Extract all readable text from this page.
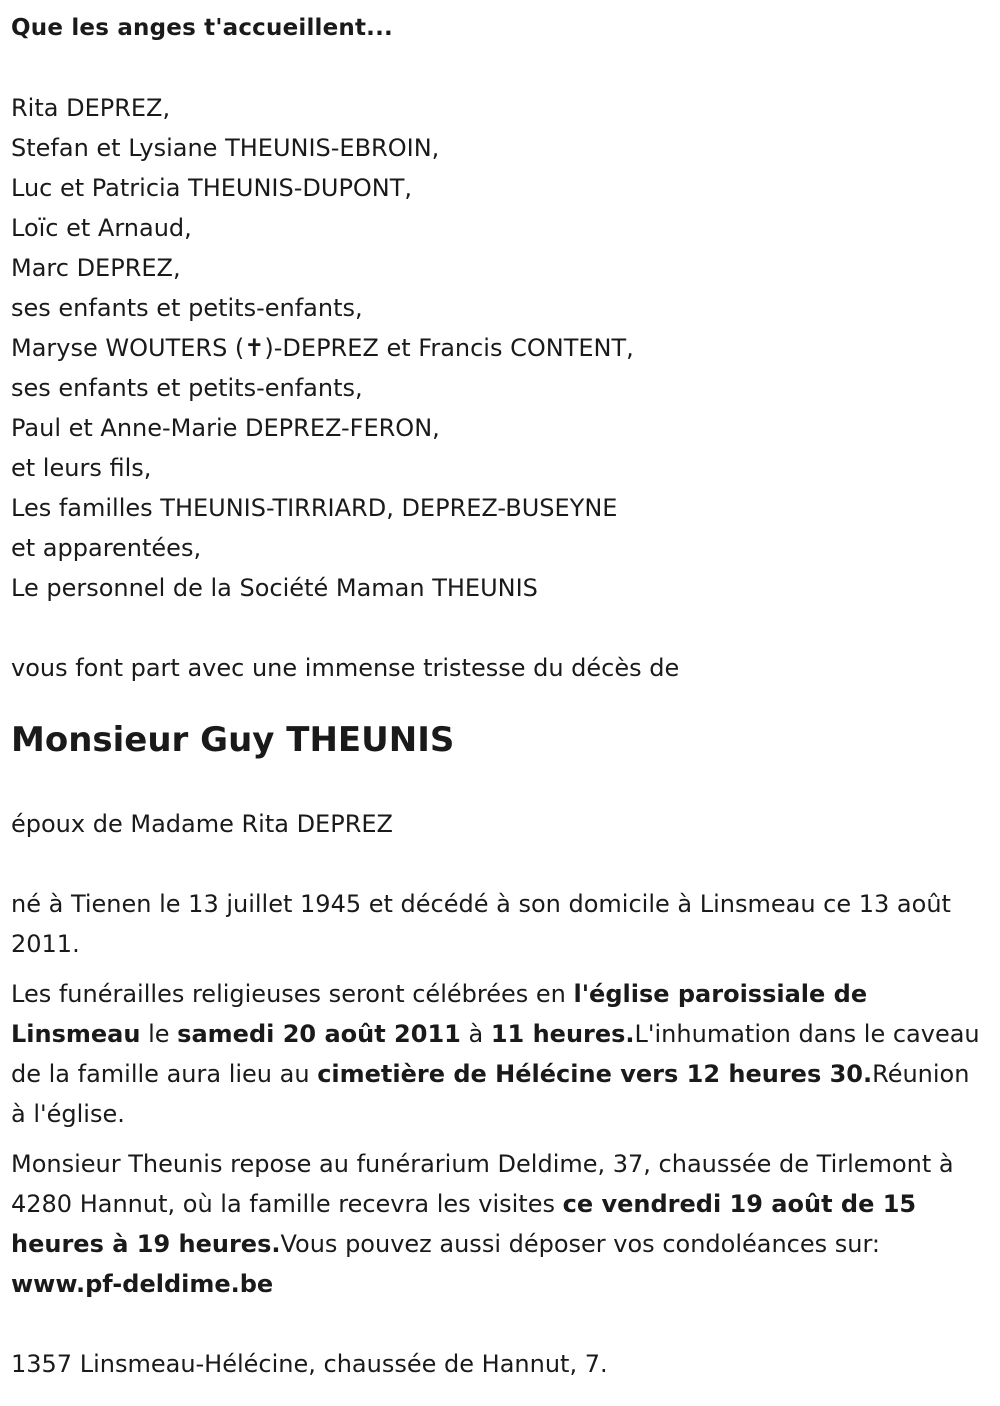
Que les anges t'accueillent...
Rita DEPREZ,
Stefan et Lysiane THEUNIS-EBROIN,
Luc et Patricia THEUNIS-DUPONT,
Loïc et Arnaud,
Marc DEPREZ,
ses enfants et petits-enfants,
Maryse WOUTERS (✝)-DEPREZ et Francis CONTENT,
ses enfants et petits-enfants,
Paul et Anne-Marie DEPREZ-FERON,
et leurs fils,
Les familles THEUNIS-TIRRIARD, DEPREZ-BUSEYNE
et apparentées,
Le personnel de la Société Maman THEUNIS
vous font part avec une immense tristesse du décès de
Monsieur Guy THEUNIS
époux de Madame Rita DEPREZ
né à Tienen le 13 juillet 1945 et décédé à son domicile à Linsmeau ce 13 août 2011.
Les funérailles religieuses seront célébrées en l'église paroissiale de Linsmeau le samedi 20 août 2011 à 11 heures.L'inhumation dans le caveau de la famille aura lieu au cimetière de Hélécine vers 12 heures 30.Réunion à l'église.
Monsieur Theunis repose au funérarium Deldime, 37, chaussée de Tirlemont à 4280 Hannut, où la famille recevra les visites ce vendredi 19 août de 15 heures à 19 heures.Vous pouvez aussi déposer vos condoléances sur: www.pf-deldime.be
1357 Linsmeau-Hélécine, chaussée de Hannut, 7.
